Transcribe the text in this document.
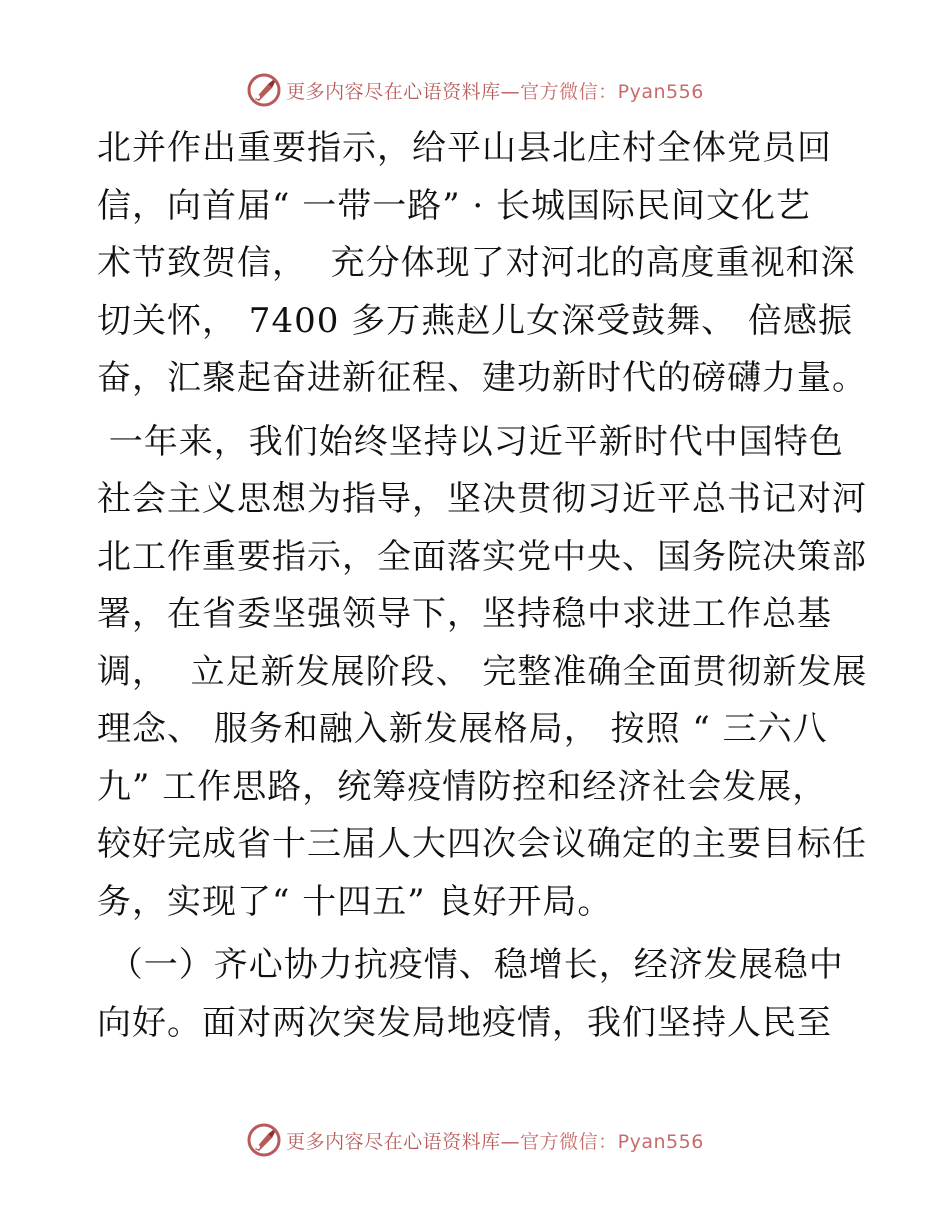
更多内容尽在心语资料库—官方微信：Pyan556
北并作出重要指示，给平山县北庄村全体党员回
信，向首届“ 一带一路” · 长城国际民间文化艺
术节致贺信，  充分体现了对河北的高度重视和深
切关怀， 7400 多万燕赵儿女深受鼓舞、 倍感振
奋，汇聚起奋进新征程、建功新时代的磅礴力量。
一年来，我们始终坚持以习近平新时代中国特色
社会主义思想为指导，坚决贯彻习近平总书记对河
北工作重要指示，全面落实党中央、国务院决策部
署，在省委坚强领导下，坚持稳中求进工作总基
调，  立足新发展阶段、 完整准确全面贯彻新发展
理念、 服务和融入新发展格局， 按照 “ 三六八
九” 工作思路，统筹疫情防控和经济社会发展，
较好完成省十三届人大四次会议确定的主要目标任
务，实现了“ 十四五” 良好开局。
（一）齐心协力抗疫情、稳增长，经济发展稳中
向好。面对两次突发局地疫情，我们坚持人民至
更多内容尽在心语资料库—官方微信：Pyan556
